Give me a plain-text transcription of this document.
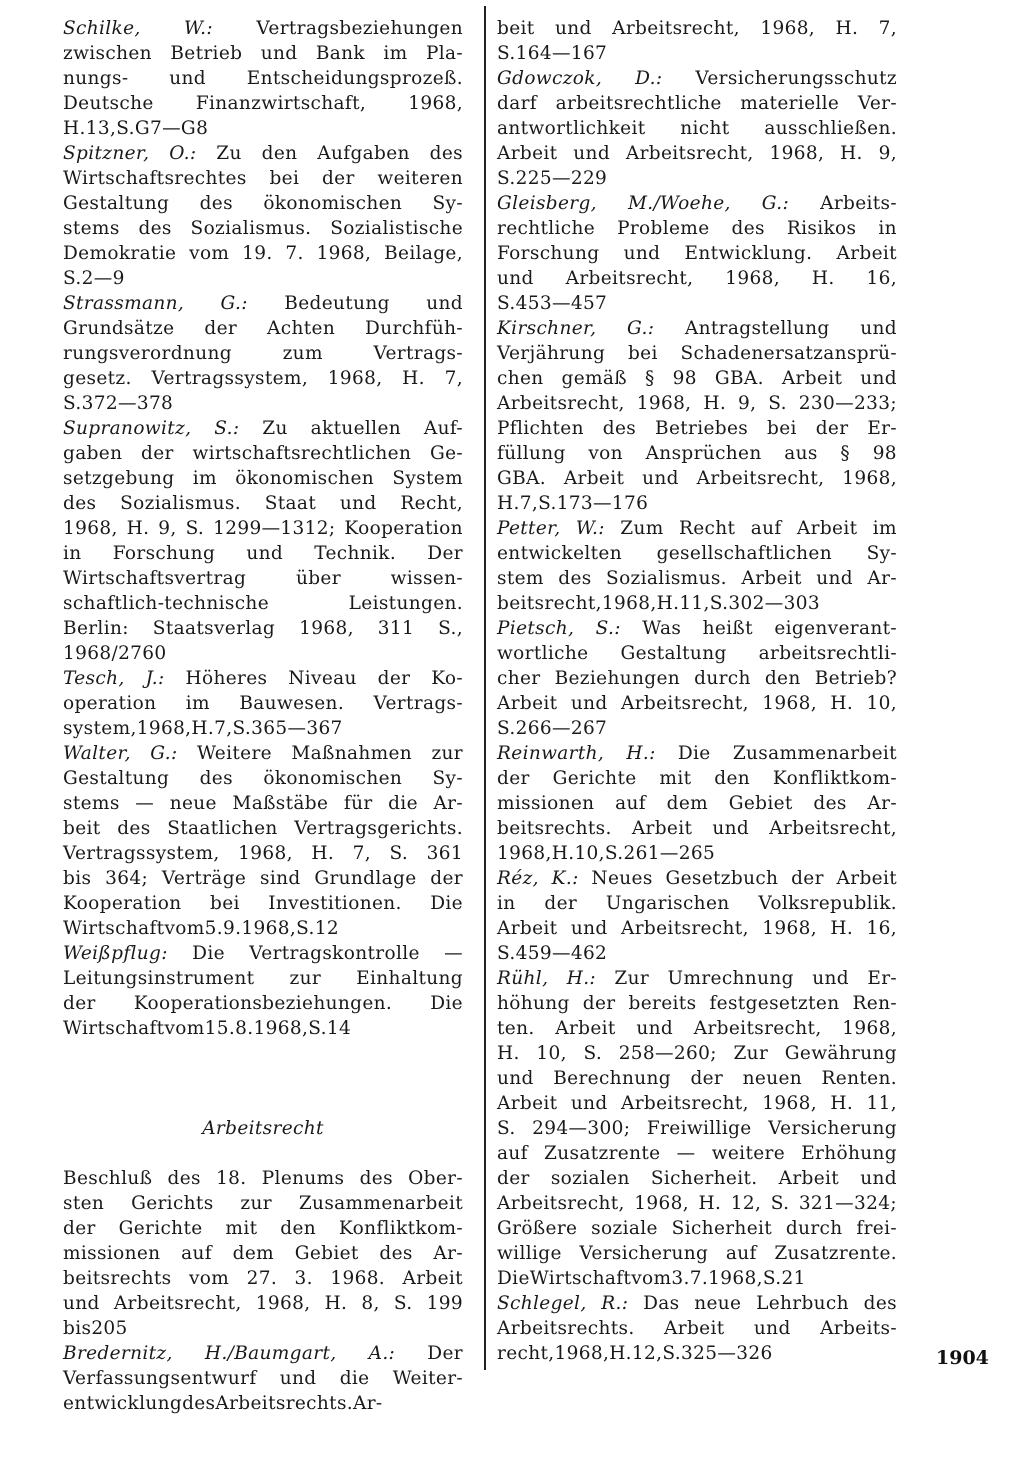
Schilke, W.: Vertragsbeziehungen
zwischen Betrieb und Bank im Pla-
nungs- und Entscheidungsprozeß.
Deutsche Finanzwirtschaft, 1968,
H. 13, S. G 7—G 8
Spitzner, O.: Zu den Aufgaben des
Wirtschaftsrechtes bei der weiteren
Gestaltung des ökonomischen Sy-
stems des Sozialismus. Sozialistische
Demokratie vom 19. 7. 1968, Beilage,
S. 2—9
Strassmann, G.: Bedeutung und
Grundsätze der Achten Durchfüh-
rungsverordnung	zum	Vertrags-
gesetz. Vertragssystem, 1968, H. 7,
S. 372—378
Supranowitz, S.: Zu aktuellen Auf-
gaben der wirtschaftsrechtlichen Ge-
setzgebung im ökonomischen System
des Sozialismus. Staat und Recht,
1968, H. 9, S. 1299—1312; Kooperation
in Forschung und Technik. Der
Wirtschaftsvertrag	über	wissen-
schaftlich-technische	Leistungen.
Berlin: Staatsverlag 1968, 311 S.,
1968/2760
Tesch, J.: Höheres Niveau der Ko-
operation im Bauwesen. Vertrags-
system, 1968, H. 7, S. 365—367
Walter, G.: Weitere Maßnahmen zur
Gestaltung des ökonomischen Sy-
stems — neue Maßstäbe für die Ar-
beit des Staatlichen Vertragsgerichts.
Vertragssystem, 1968, H. 7, S. 361
bis 364; Verträge sind Grundlage der
Kooperation bei Investitionen. Die
Wirtschaft vom 5. 9. 1968, S. 12
Weißpflug: Die Vertragskontrolle —
Leitungsinstrument zur Einhaltung
der Kooperationsbeziehungen. Die
Wirtschaft vom 15. 8. 1968, S. 14
Arbeitsrecht
Beschluß des 18. Plenums des Ober-
sten Gerichts zur Zusammenarbeit
der Gerichte mit den Konfliktkom-
missionen auf dem Gebiet des Ar-
beitsrechts vom 27. 3. 1968. Arbeit
und Arbeitsrecht, 1968, H. 8, S. 199
bis 205
Bredernitz, H./Baumgart, A.: Der
Verfassungsentwurf und die Weiter-
entwicklung des Arbeitsrechts. Ar-
beit und Arbeitsrecht, 1968, H. 7,
S. 164—167
Gdowczok, D.: Versicherungsschutz
darf arbeitsrechtliche materielle Ver-
antwortlichkeit nicht ausschließen.
Arbeit und Arbeitsrecht, 1968, H. 9,
S. 225—229
Gleisberg, M./Woehe, G.: Arbeits-
rechtliche Probleme des Risikos in
Forschung und Entwicklung. Arbeit
und Arbeitsrecht, 1968, H. 16,
S. 453—457
Kirschner, G.: Antragstellung und
Verjährung bei Schadenersatzansprü-
chen gemäß § 98 GBA. Arbeit und
Arbeitsrecht, 1968, H. 9, S. 230—233;
Pflichten des Betriebes bei der Er-
füllung von Ansprüchen aus § 98
GBA. Arbeit und Arbeitsrecht, 1968,
H. 7, S. 173—176
Petter, W.: Zum Recht auf Arbeit im
entwickelten gesellschaftlichen Sy-
stem des Sozialismus. Arbeit und Ar-
beitsrecht, 1968, H. 11, S. 302—303
Pietsch, S.: Was heißt eigenverant-
wortliche Gestaltung arbeitsrechtli-
cher Beziehungen durch den Betrieb?
Arbeit und Arbeitsrecht, 1968, H. 10,
S. 266—267
Reinwarth, H.: Die Zusammenarbeit
der Gerichte mit den Konfliktkom-
missionen auf dem Gebiet des Ar-
beitsrechts. Arbeit und Arbeitsrecht,
1968, H. 10, S. 261—265
Réz, K.: Neues Gesetzbuch der Arbeit
in der Ungarischen Volksrepublik.
Arbeit und Arbeitsrecht, 1968, H. 16,
S. 459—462
Rühl, H.: Zur Umrechnung und Er-
höhung der bereits festgesetzten Ren-
ten. Arbeit und Arbeitsrecht, 1968,
H. 10, S. 258—260; Zur Gewährung
und Berechnung der neuen Renten.
Arbeit und Arbeitsrecht, 1968, H. 11,
S. 294—300; Freiwillige Versicherung
auf Zusatzrente — weitere Erhöhung
der sozialen Sicherheit. Arbeit und
Arbeitsrecht, 1968, H. 12, S. 321—324;
Größere soziale Sicherheit durch frei-
willige Versicherung auf Zusatzrente.
Die Wirtschaft vom 3. 7. 1968, S. 21
Schlegel, R.: Das neue Lehrbuch des
Arbeitsrechts. Arbeit und Arbeits-
recht, 1968, H. 12, S. 325—326	1904
